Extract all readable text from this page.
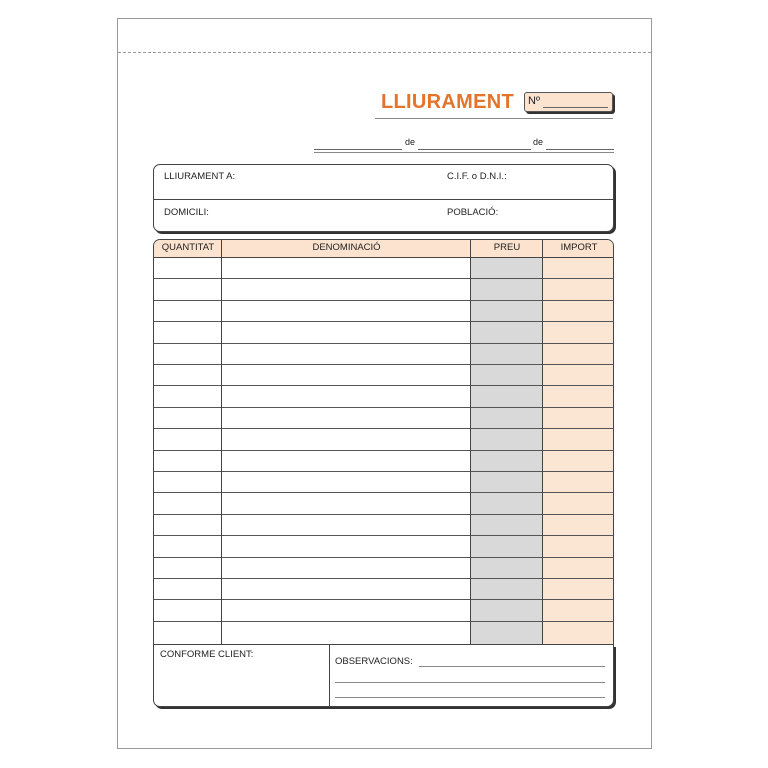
LLIURAMENT Nº
de	de
LLIURAMENT A:	C.I.F. o D.N.I.:
DOMICILI:	POBLACIÓ:
QUANTITAT	DENOMINACIÓ	PREU	IMPORT
CONFORME CLIENT:
OBSERVACIONS:
